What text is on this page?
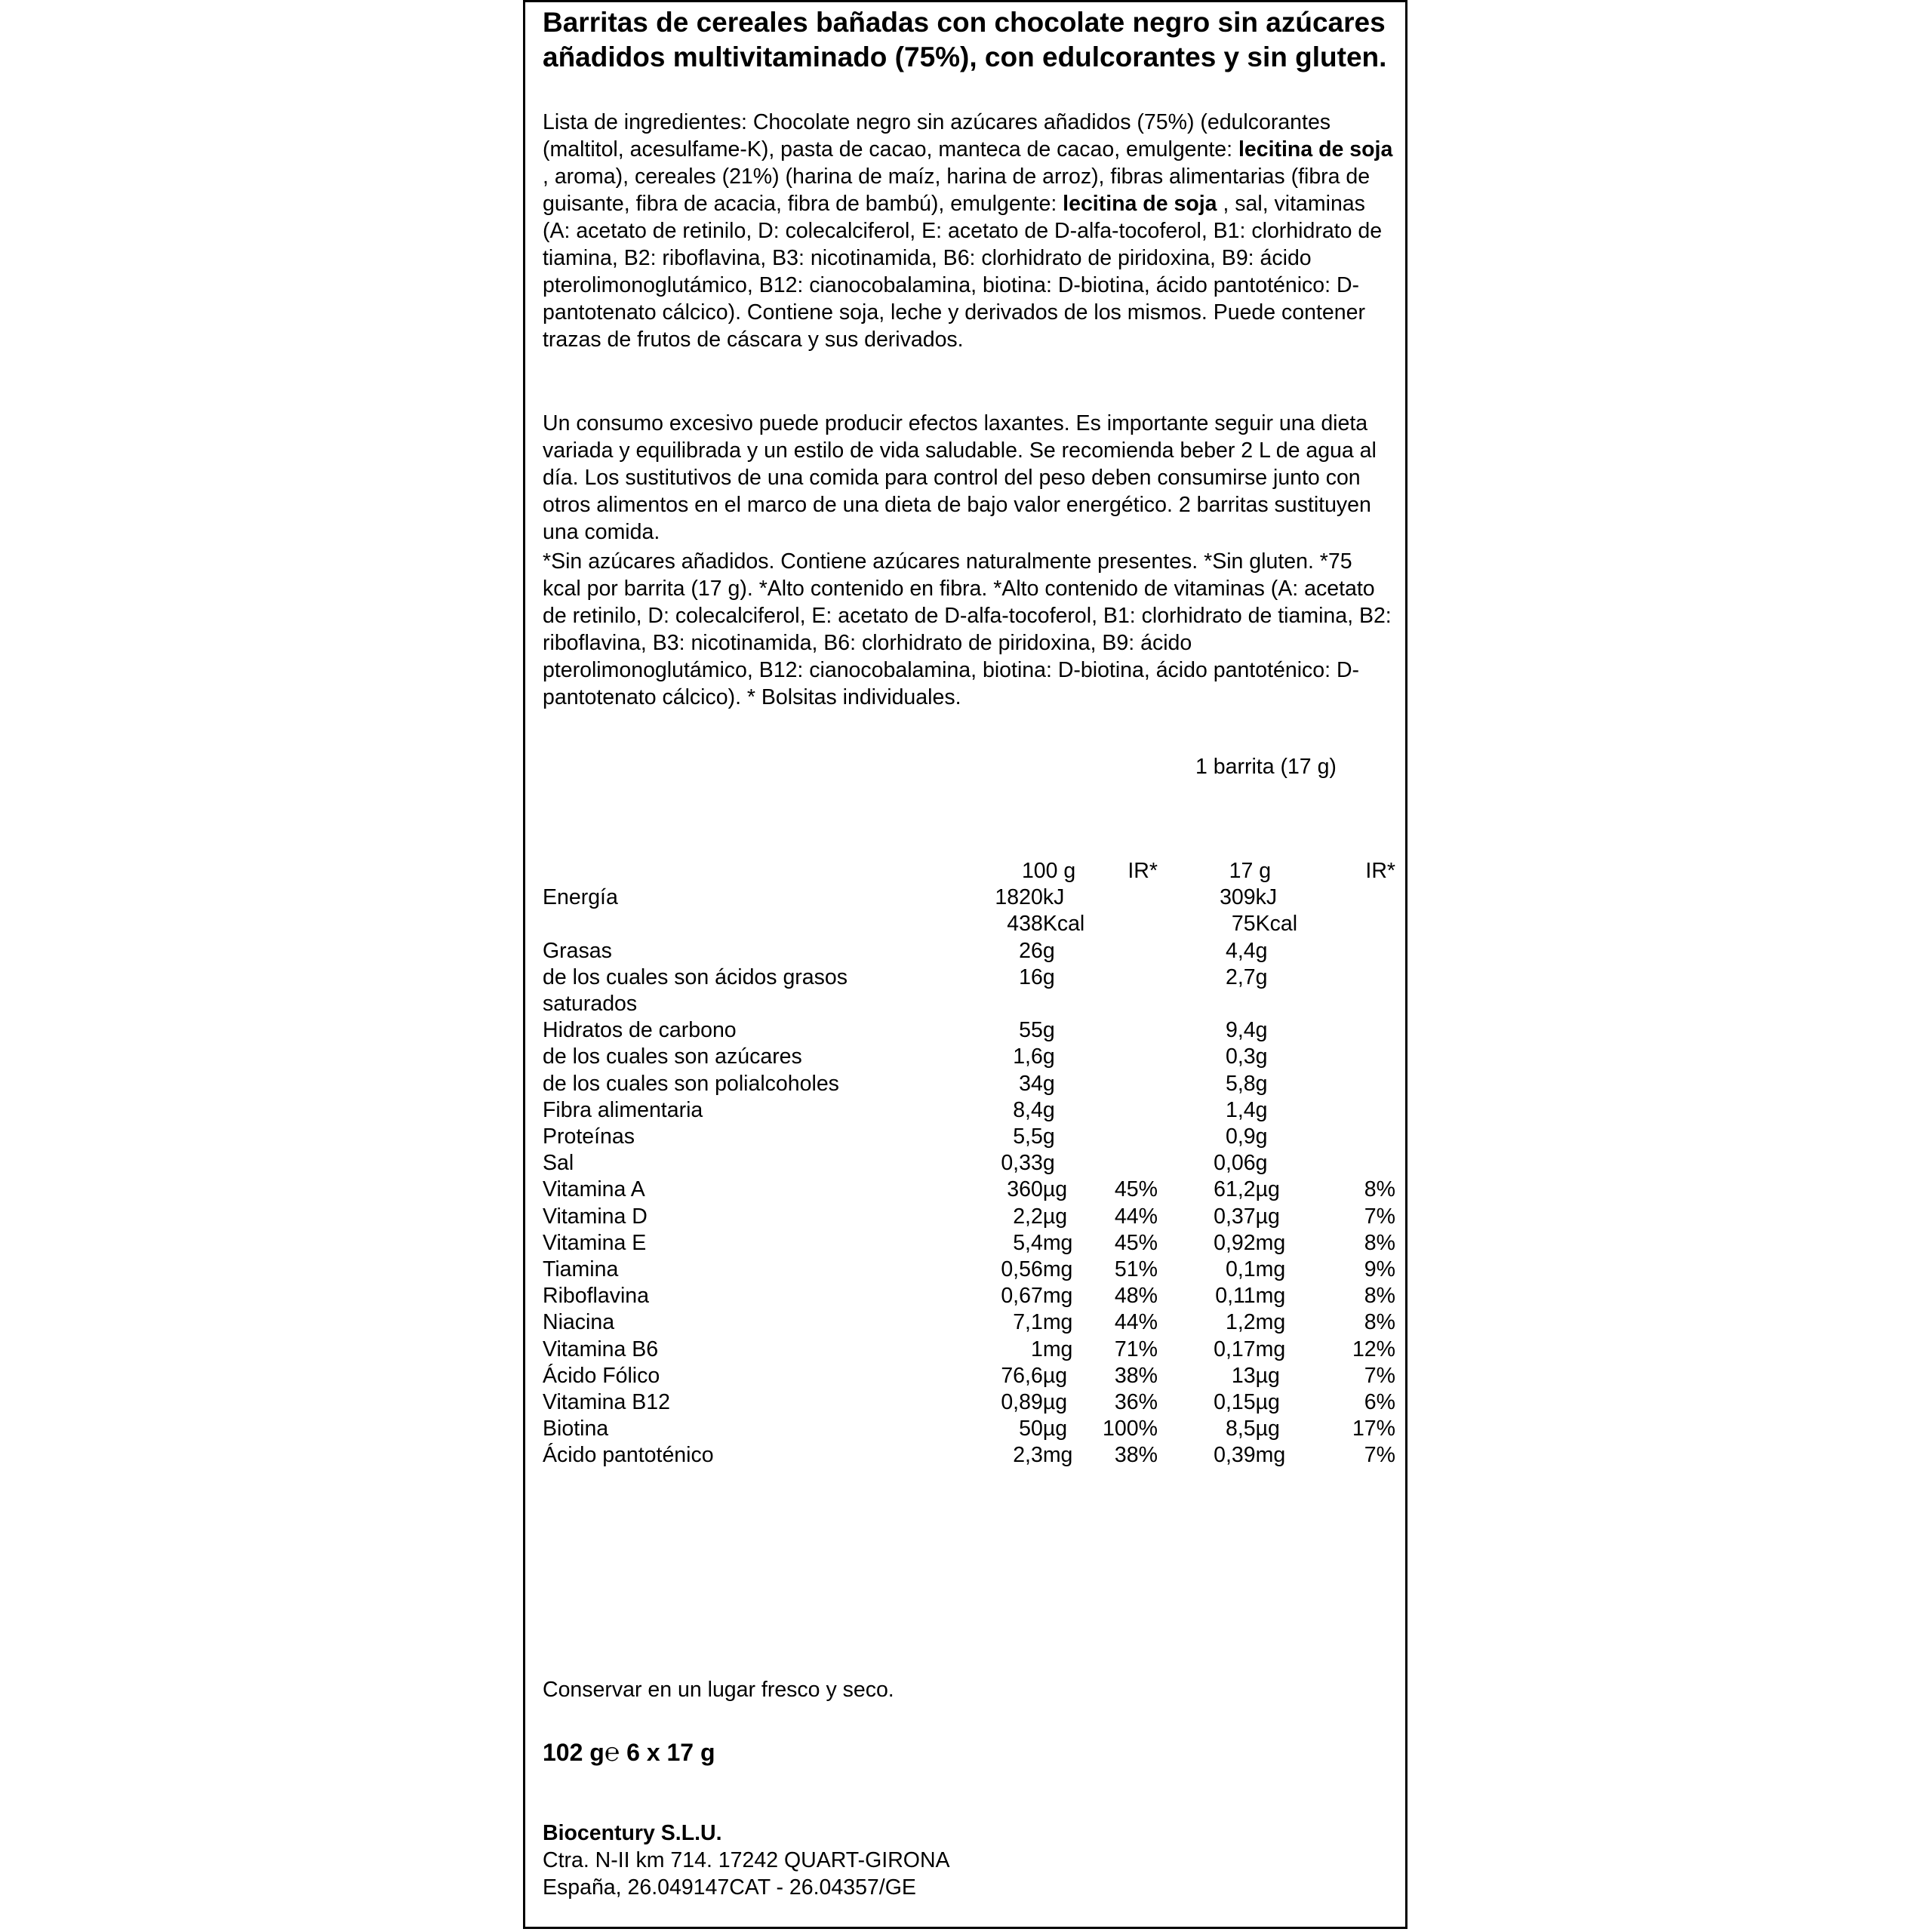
Barritas de cereales bañadas con chocolate negro sin azúcares añadidos multivitaminado (75%), con edulcorantes y sin gluten.
Lista de ingredientes: Chocolate negro sin azúcares añadidos (75%) (edulcorantes (maltitol, acesulfame-K), pasta de cacao, manteca de cacao, emulgente: lecitina de soja , aroma), cereales (21%) (harina de maíz, harina de arroz), fibras alimentarias (fibra de guisante, fibra de acacia, fibra de bambú), emulgente: lecitina de soja , sal, vitaminas (A: acetato de retinilo, D: colecalciferol, E: acetato de D-alfa-tocoferol, B1: clorhidrato de tiamina, B2: riboflavina, B3: nicotinamida, B6: clorhidrato de piridoxina, B9: ácido pterolimonoglutámico, B12: cianocobalamina, biotina: D-biotina, ácido pantoténico: D-pantotenato cálcico). Contiene soja, leche y derivados de los mismos. Puede contener trazas de frutos de cáscara y sus derivados.
Un consumo excesivo puede producir efectos laxantes. Es importante seguir una dieta variada y equilibrada y un estilo de vida saludable. Se recomienda beber 2 L de agua al día. Los sustitutivos de una comida para control del peso deben consumirse junto con otros alimentos en el marco de una dieta de bajo valor energético. 2 barritas sustituyen una comida.
*Sin azúcares añadidos. Contiene azúcares naturalmente presentes. *Sin gluten. *75 kcal por barrita (17 g). *Alto contenido en fibra. *Alto contenido de vitaminas (A: acetato de retinilo, D: colecalciferol, E: acetato de D-alfa-tocoferol, B1: clorhidrato de tiamina, B2: riboflavina, B3: nicotinamida, B6: clorhidrato de piridoxina, B9: ácido pterolimonoglutámico, B12: cianocobalamina, biotina: D-biotina, ácido pantoténico: D-pantotenato cálcico). * Bolsitas individuales.
1 barrita (17 g)
	100 g		IR*	17 g		IR*
Energía	1820	kJ		309	kJ	
	438	Kcal		75	Kcal	
Grasas	26	g		4,4	g	
de los cuales son ácidos grasos	16	g		2,7	g	
saturados						
Hidratos de carbono	55	g		9,4	g	
de los cuales son azúcares	1,6	g		0,3	g	
de los cuales son polialcoholes	34	g		5,8	g	
Fibra alimentaria	8,4	g		1,4	g	
Proteínas	5,5	g		0,9	g	
Sal	0,33	g		0,06	g	
Vitamina A	360	µg	45%	61,2	µg	8%
Vitamina D	2,2	µg	44%	0,37	µg	7%
Vitamina E	5,4	mg	45%	0,92	mg	8%
Tiamina	0,56	mg	51%	0,1	mg	9%
Riboflavina	0,67	mg	48%	0,11	mg	8%
Niacina	7,1	mg	44%	1,2	mg	8%
Vitamina B6	1	mg	71%	0,17	mg	12%
Ácido Fólico	76,6	µg	38%	13	µg	7%
Vitamina B12	0,89	µg	36%	0,15	µg	6%
Biotina	50	µg	100%	8,5	µg	17%
Ácido pantoténico	2,3	mg	38%	0,39	mg	7%
Conservar en un lugar fresco y seco.
102 g℮ 6 x 17 g
Biocentury S.L.U.
Ctra. N-II km 714. 17242 QUART-GIRONA
España, 26.049147CAT - 26.04357/GE
